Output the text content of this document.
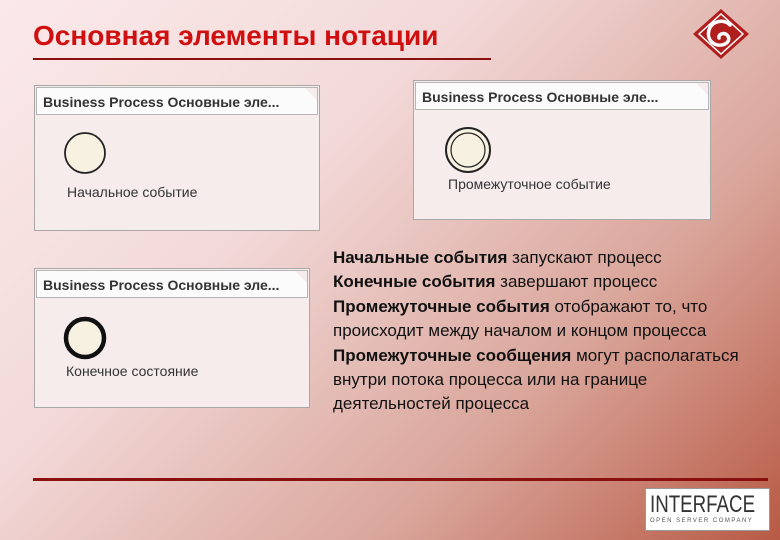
Основная элементы нотации
Business Process Основные эле...
Начальное событие
Business Process Основные эле...
Промежуточное событие
Business Process Основные эле...
Конечное состояние

Начальные события запускают процесс

Конечные события завершают процесс

Промежуточные события отображают то, что происходит между началом и концом процесса

Промежуточные сообщения могут располагаться внутри потока процесса или на границе деятельностей процесса

INTERFACE
OPEN SERVER COMPANY
